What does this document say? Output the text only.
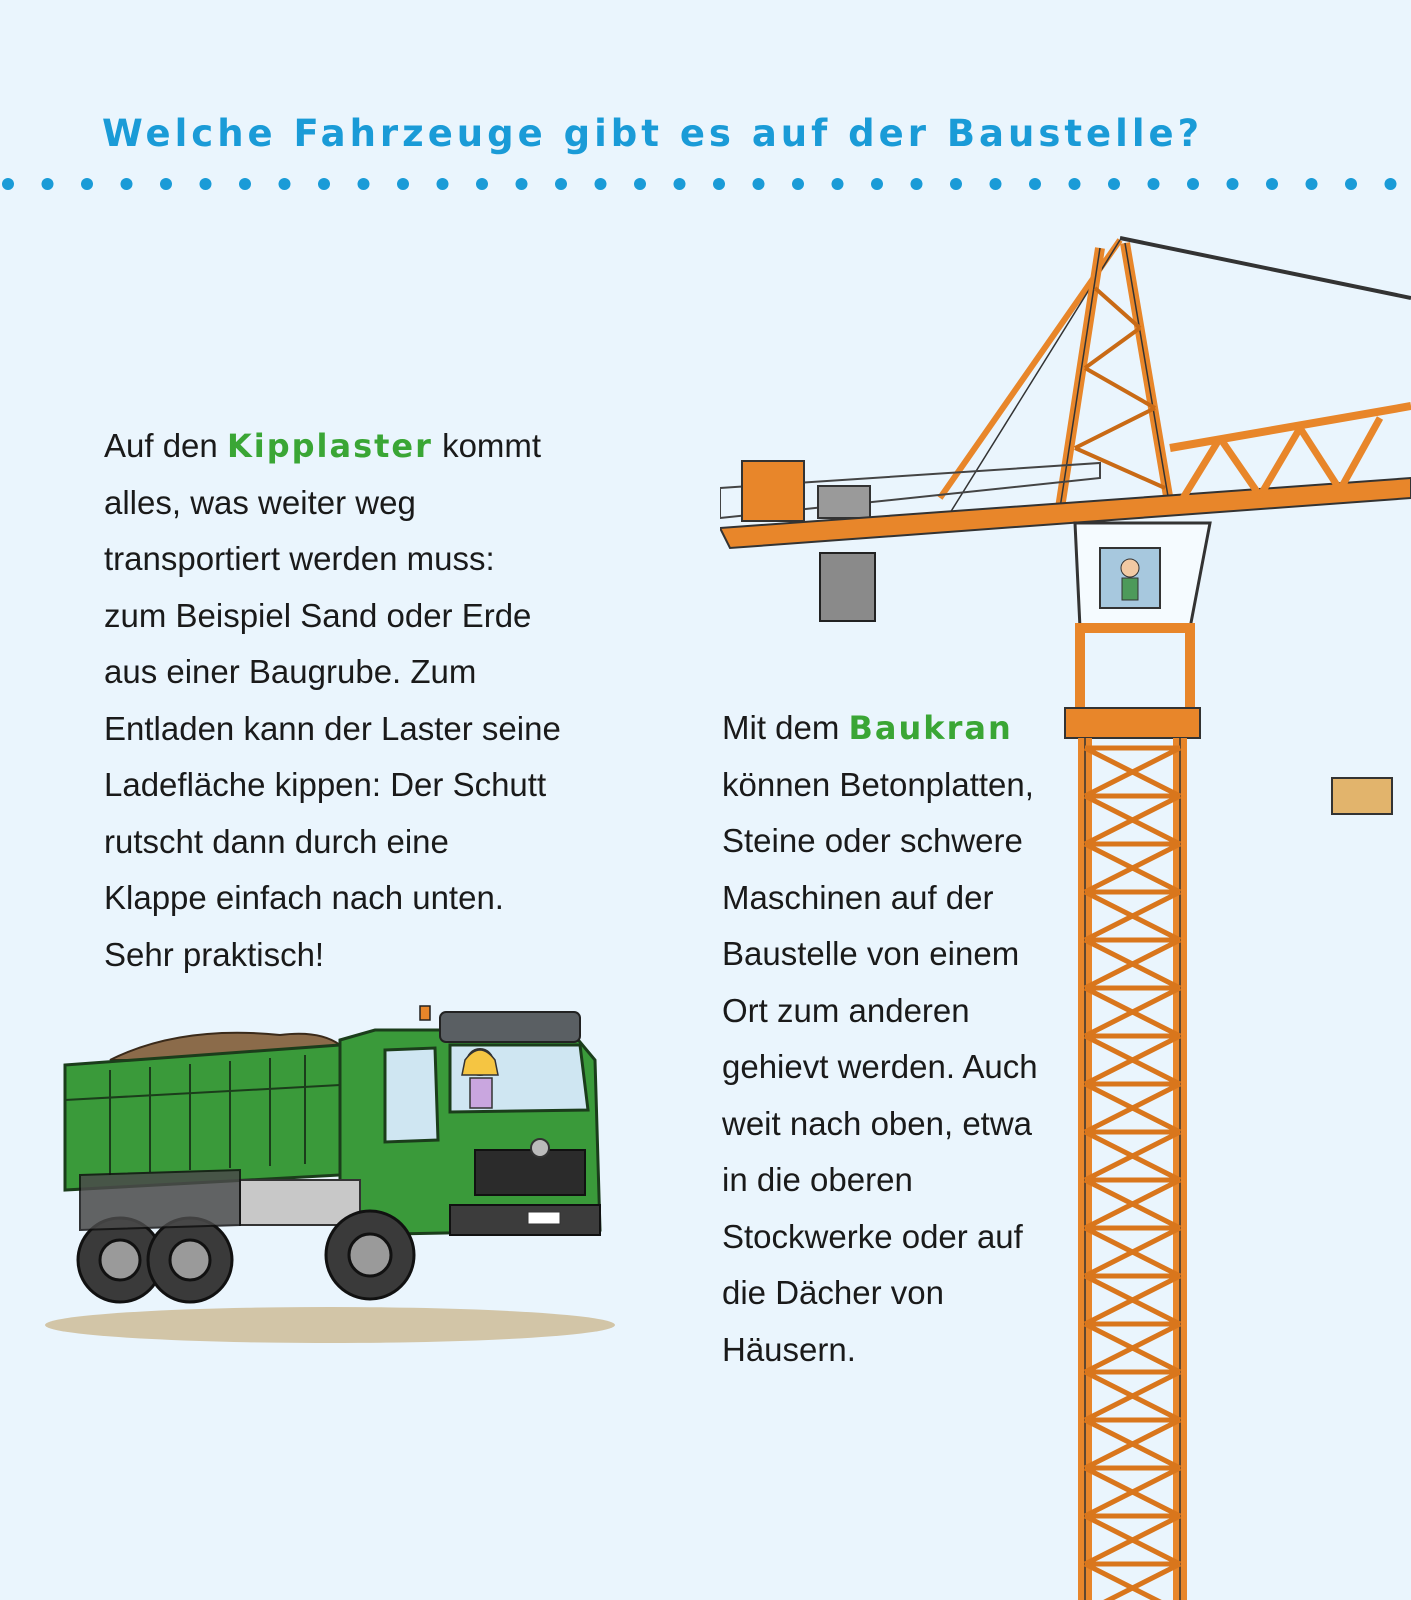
Welche Fahrzeuge gibt es auf der Baustelle?

Auf den Kipplaster kommt
alles, was weiter weg
transportiert werden muss:
zum Beispiel Sand oder Erde
aus einer Baugrube. Zum
Entladen kann der Laster seine
Ladefläche kippen: Der Schutt
rutscht dann durch eine
Klappe einfach nach unten.
Sehr praktisch!

Mit dem Baukran
können Betonplatten,
Steine oder schwere
Maschinen auf der
Baustelle von einem
Ort zum anderen
gehievt werden. Auch
weit nach oben, etwa
in die oberen
Stockwerke oder auf
die Dächer von
Häusern.
